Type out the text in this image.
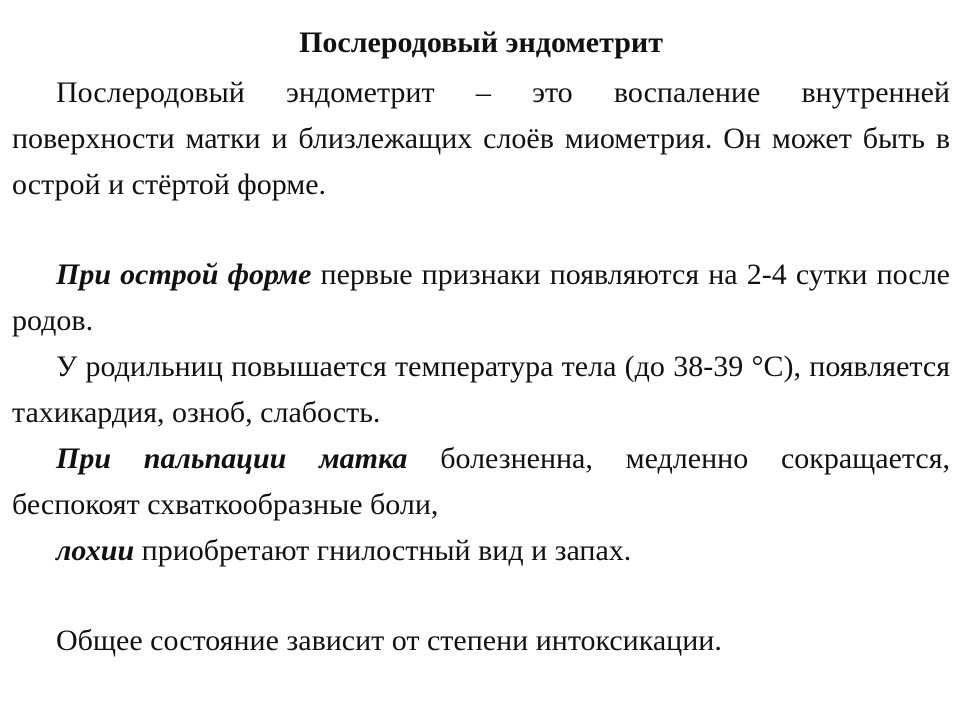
Послеродовый эндометрит

Послеродовый эндометрит – это воспаление внутренней поверхности матки и близлежащих слоёв миометрия. Он может быть в острой и стёртой форме.

При острой форме первые признаки появляются на 2-4 сутки после родов.

У родильниц повышается температура тела (до 38-39 °С), появляется тахикардия, озноб, слабость.

При пальпации матка болезненна, медленно сокращается, беспокоят схваткообразные боли,

лохии приобретают гнилостный вид и запах.

Общее состояние зависит от степени интоксикации.
